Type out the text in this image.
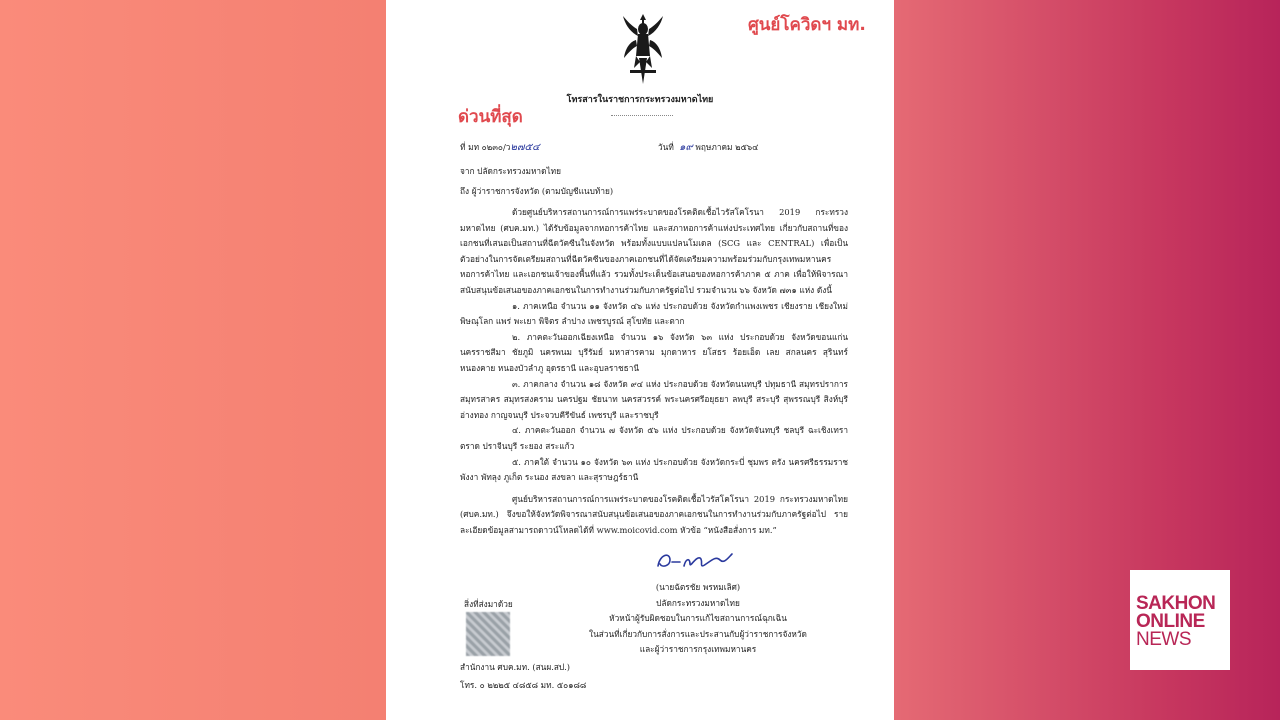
ศูนย์โควิดฯ มท.
โทรสารในราชการกระทรวงมหาดไทย
ด่วนที่สุด
ที่ มท ๐๒๓๐/ว๒๗๕๔	วันที่ ๑๙ พฤษภาคม ๒๕๖๔
จาก ปลัดกระทรวงมหาดไทย
ถึง ผู้ว่าราชการจังหวัด (ตามบัญชีแนบท้าย)

ด้วยศูนย์บริหารสถานการณ์การแพร่ระบาดของโรคติดเชื้อไวรัสโคโรนา 2019 กระทรวงมหาดไทย (ศบค.มท.) ได้รับข้อมูลจากหอการค้าไทย และสภาหอการค้าแห่งประเทศไทย เกี่ยวกับสถานที่ของเอกชนที่เสนอเป็นสถานที่ฉีดวัคซีนในจังหวัด พร้อมทั้งแบบแปลนโมเดล (SCG และ CENTRAL) เพื่อเป็นตัวอย่างในการจัดเตรียมสถานที่ฉีดวัคซีนของภาคเอกชนที่ได้จัดเตรียมความพร้อมร่วมกับกรุงเทพมหานคร หอการค้าไทย และเอกชนเจ้าของพื้นที่แล้ว รวมทั้งประเด็นข้อเสนอของหอการค้าภาค ๕ ภาค เพื่อให้พิจารณาสนับสนุนข้อเสนอของภาคเอกชนในการทำงานร่วมกับภาครัฐต่อไป รวมจำนวน ๖๖ จังหวัด ๗๓๑ แห่ง ดังนี้

๑. ภาคเหนือ จำนวน ๑๑ จังหวัด ๔๖ แห่ง ประกอบด้วย จังหวัดกำแพงเพชร เชียงราย เชียงใหม่ พิษณุโลก แพร่ พะเยา พิจิตร ลำปาง เพชรบูรณ์ สุโขทัย และตาก

๒. ภาคตะวันออกเฉียงเหนือ จำนวน ๑๖ จังหวัด ๖๓ แห่ง ประกอบด้วย จังหวัดขอนแก่น นครราชสีมา ชัยภูมิ นครพนม บุรีรัมย์ มหาสารคาม มุกดาหาร ยโสธร ร้อยเอ็ด เลย สกลนคร สุรินทร์ หนองคาย หนองบัวลำภู อุดรธานี และอุบลราชธานี

๓. ภาคกลาง จำนวน ๑๘ จังหวัด ๙๔ แห่ง ประกอบด้วย จังหวัดนนทบุรี ปทุมธานี สมุทรปราการ สมุทรสาคร สมุทรสงคราม นครปฐม ชัยนาท นครสวรรค์ พระนครศรีอยุธยา ลพบุรี สระบุรี สุพรรณบุรี สิงห์บุรี อ่างทอง กาญจนบุรี ประจวบคีรีขันธ์ เพชรบุรี และราชบุรี

๔. ภาคตะวันออก จำนวน ๗ จังหวัด ๕๖ แห่ง ประกอบด้วย จังหวัดจันทบุรี ชลบุรี ฉะเชิงเทรา ตราด ปราจีนบุรี ระยอง สระแก้ว

๕. ภาคใต้ จำนวน ๑๐ จังหวัด ๖๓ แห่ง ประกอบด้วย จังหวัดกระบี่ ชุมพร ตรัง นครศรีธรรมราช พังงา พัทลุง ภูเก็ต ระนอง สงขลา และสุราษฎร์ธานี

ศูนย์บริหารสถานการณ์การแพร่ระบาดของโรคติดเชื้อไวรัสโคโรนา 2019 กระทรวงมหาดไทย (ศบค.มท.) จึงขอให้จังหวัดพิจารณาสนับสนุนข้อเสนอของภาคเอกชนในการทำงานร่วมกับภาครัฐต่อไป รายละเอียดข้อมูลสามารถดาวน์โหลดได้ที่ www.moicovid.com หัวข้อ “หนังสือสั่งการ มท.”

(นายฉัตรชัย พรหมเลิศ)
ปลัดกระทรวงมหาดไทย
หัวหน้าผู้รับผิดชอบในการแก้ไขสถานการณ์ฉุกเฉิน
ในส่วนที่เกี่ยวกับการสั่งการและประสานกับผู้ว่าราชการจังหวัด
และผู้ว่าราชการกรุงเทพมหานคร
สิ่งที่ส่งมาด้วย
สำนักงาน ศบค.มท. (สนผ.สป.)
โทร. ๐ ๒๒๒๕ ๔๘๕๘ มท. ๕๐๑๘๘
SAKHON
ONLINE
NEWS
